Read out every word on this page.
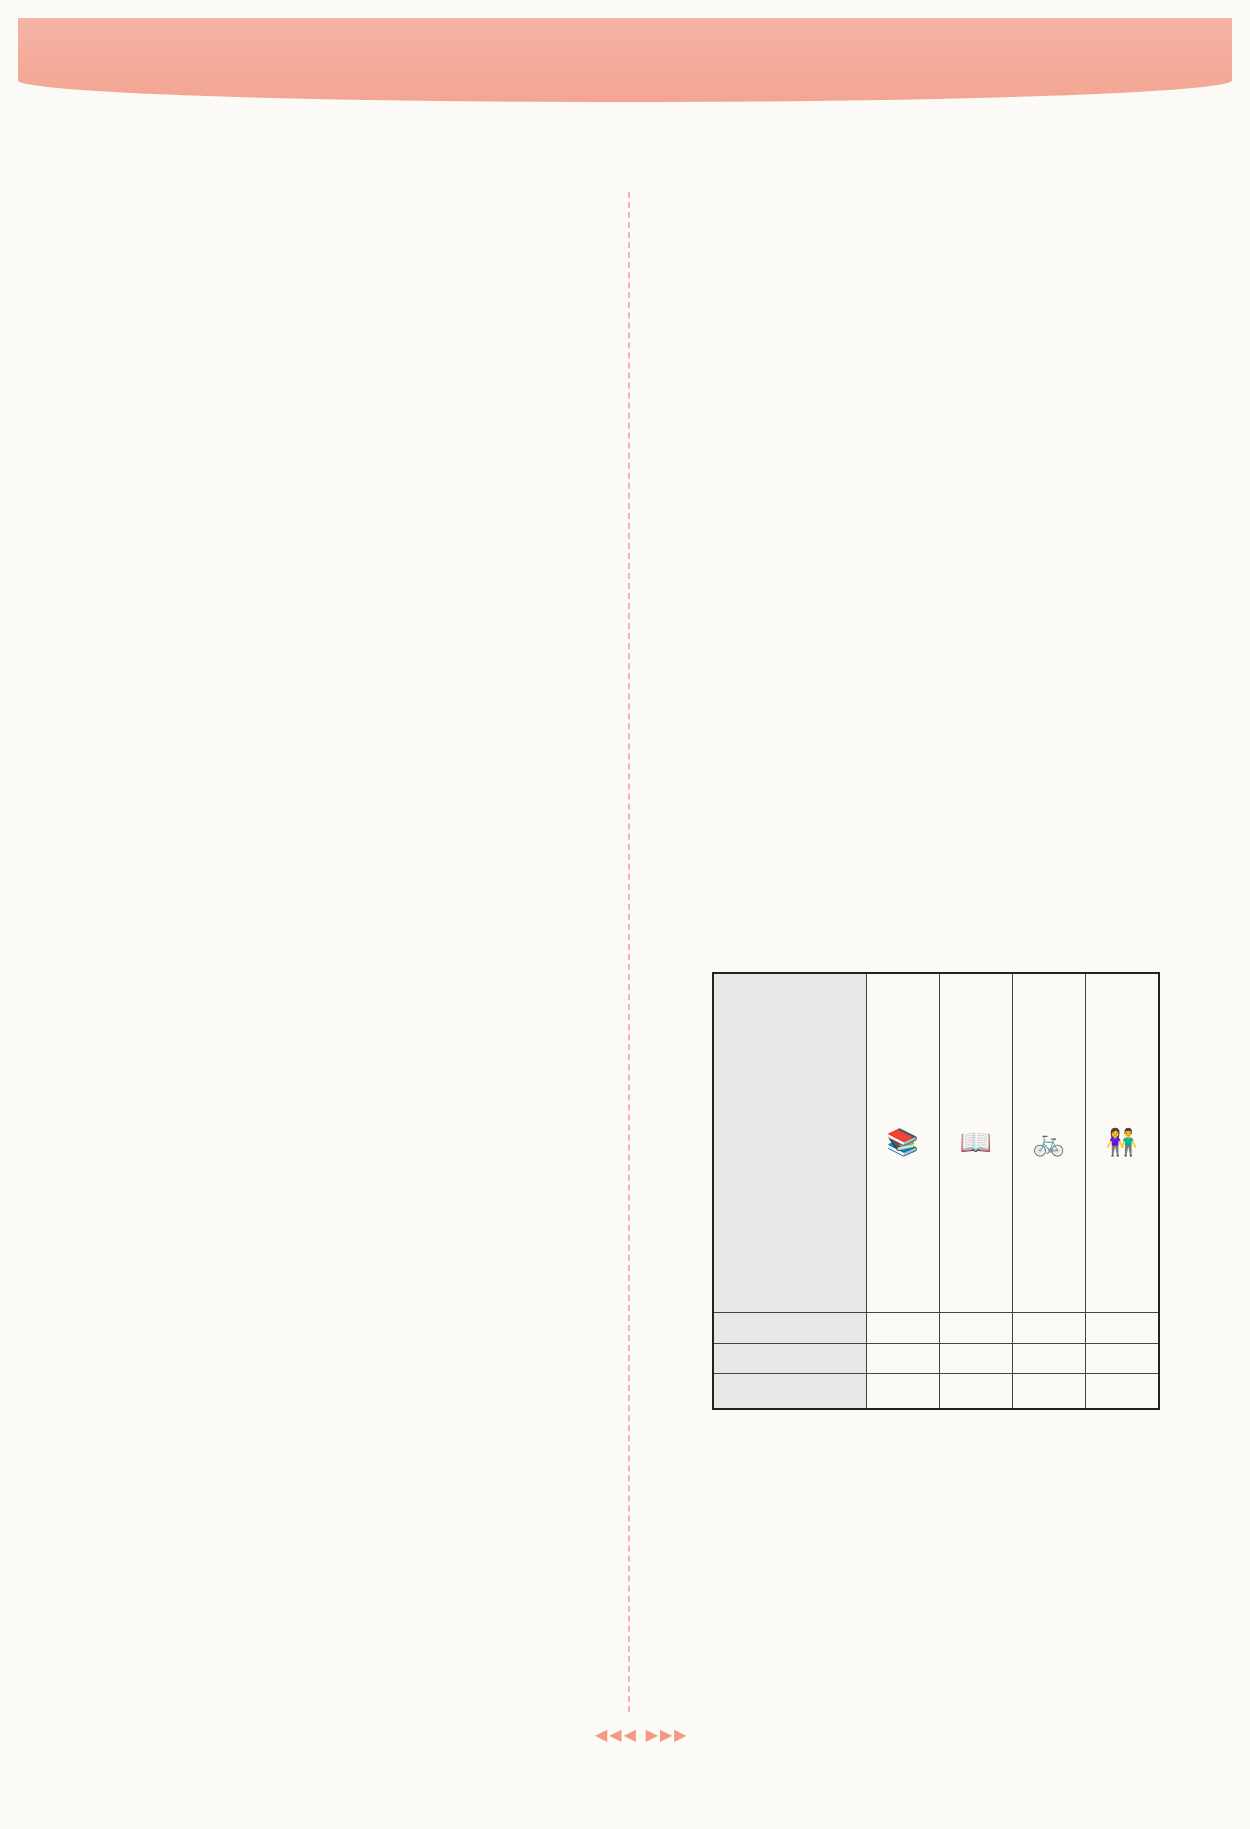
	📚	📖	🚲	👫

◀◀◀ ▶▶▶
